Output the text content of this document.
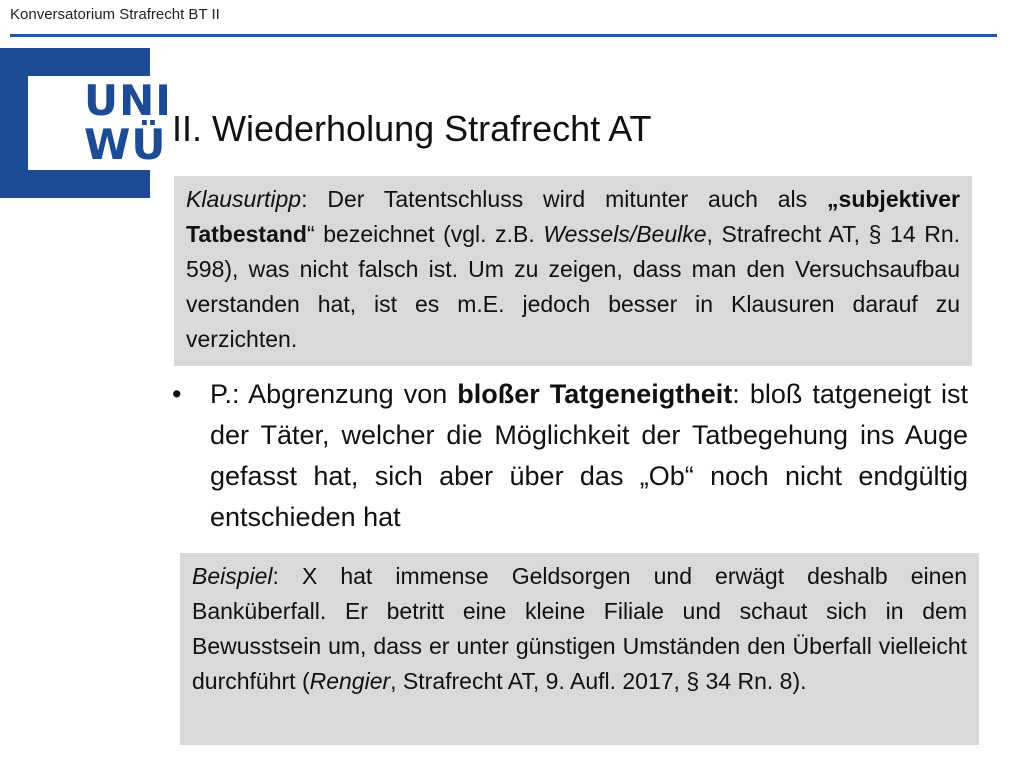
Konversatorium Strafrecht BT II
UNI
WÜ II. Wiederholung Strafrecht AT
Klausurtipp: Der Tatentschluss wird mitunter auch als „subjektiver Tatbestand“ bezeichnet (vgl. z.B. Wessels/Beulke, Strafrecht AT, § 14 Rn. 598), was nicht falsch ist. Um zu zeigen, dass man den Versuchsaufbau verstanden hat, ist es m.E. jedoch besser in Klausuren darauf zu verzichten.
•	P.: Abgrenzung von bloßer Tatgeneigtheit: bloß tatgeneigt ist der Täter, welcher die Möglichkeit der Tatbegehung ins Auge gefasst hat, sich aber über das „Ob“ noch nicht endgültig entschieden hat
Beispiel: X hat immense Geldsorgen und erwägt deshalb einen Banküberfall. Er betritt eine kleine Filiale und schaut sich in dem Bewusstsein um, dass er unter günstigen Umständen den Überfall vielleicht durchführt (Rengier, Strafrecht AT, 9. Aufl. 2017, § 34 Rn. 8).
